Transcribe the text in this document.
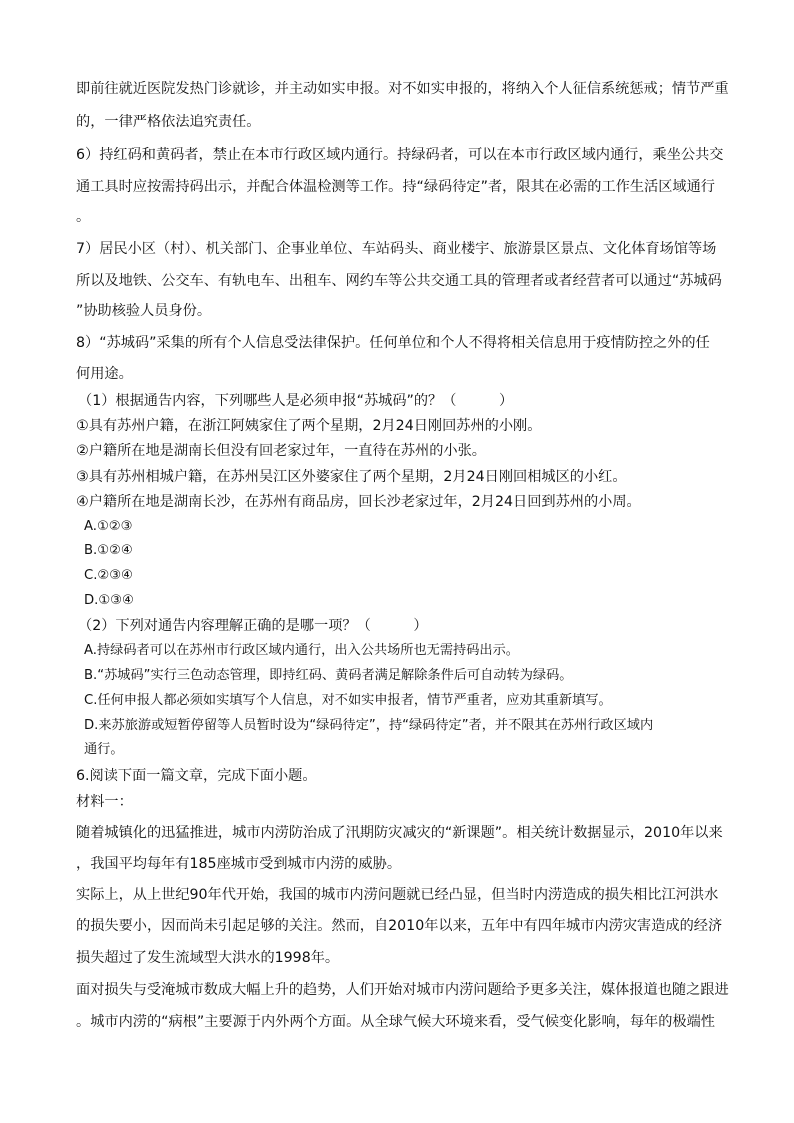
即前往就近医院发热门诊就诊，并主动如实申报。对不如实申报的，将纳入个人征信系统惩戒；情节严重
的，一律严格依法追究责任。
6）持红码和黄码者，禁止在本市行政区域内通行。持绿码者，可以在本市行政区域内通行，乘坐公共交
通工具时应按需持码出示，并配合体温检测等工作。持“绿码待定”者，限其在必需的工作生活区域通行
。
7）居民小区（村）、机关部门、企事业单位、车站码头、商业楼宇、旅游景区景点、文化体育场馆等场
所以及地铁、公交车、有轨电车、出租车、网约车等公共交通工具的管理者或者经营者可以通过“苏城码
”协助核验人员身份。
8）“苏城码”采集的所有个人信息受法律保护。任何单位和个人不得将相关信息用于疫情防控之外的任
何用途。
（1）根据通告内容，下列哪些人是必须申报“苏城码”的？（　　　）
①具有苏州户籍，在浙江阿姨家住了两个星期，2月24日刚回苏州的小刚。
②户籍所在地是湖南长但没有回老家过年，一直待在苏州的小张。
③具有苏州相城户籍，在苏州吴江区外婆家住了两个星期，2月24日刚回相城区的小红。
④户籍所在地是湖南长沙，在苏州有商品房，回长沙老家过年，2月24日回到苏州的小周。
A.①②③
B.①②④
C.②③④
D.①③④
（2）下列对通告内容理解正确的是哪一项？（　　　）
A.持绿码者可以在苏州市行政区域内通行，出入公共场所也无需持码出示。
B.“苏城码”实行三色动态管理，即持红码、黄码者满足解除条件后可自动转为绿码。
C.任何申报人都必须如实填写个人信息，对不如实申报者，情节严重者，应劝其重新填写。
D.来苏旅游或短暂停留等人员暂时设为“绿码待定”，持“绿码待定”者，并不限其在苏州行政区域内
通行。
6.阅读下面一篇文章，完成下面小题。
材料一：
随着城镇化的迅猛推进，城市内涝防治成了汛期防灾减灾的“新课题”。相关统计数据显示，2010年以来
，我国平均每年有185座城市受到城市内涝的威胁。
实际上，从上世纪90年代开始，我国的城市内涝问题就已经凸显，但当时内涝造成的损失相比江河洪水
的损失要小，因而尚未引起足够的关注。然而，自2010年以来，五年中有四年城市内涝灾害造成的经济
损失超过了发生流域型大洪水的1998年。
面对损失与受淹城市数成大幅上升的趋势，人们开始对城市内涝问题给予更多关注，媒体报道也随之跟进
。城市内涝的“病根”主要源于内外两个方面。从全球气候大环境来看，受气候变化影响，每年的极端性
